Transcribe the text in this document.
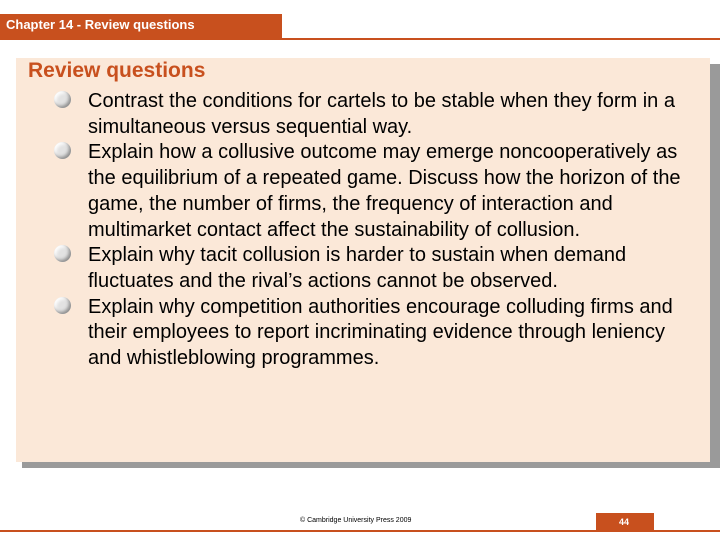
Chapter 14 - Review questions
Review questions
Contrast the conditions for cartels to be stable when they form in a simultaneous versus sequential way.
Explain how a collusive outcome may emerge noncooperatively as the equilibrium of a repeated game. Discuss how the horizon of the game, the number of firms, the frequency of interaction and multimarket contact affect the sustainability of collusion.
Explain why tacit collusion is harder to sustain when demand fluctuates and the rival’s actions cannot be observed.
Explain why competition authorities encourage colluding firms and their employees to report incriminating evidence through leniency and whistleblowing programmes.
© Cambridge University Press 2009	44
